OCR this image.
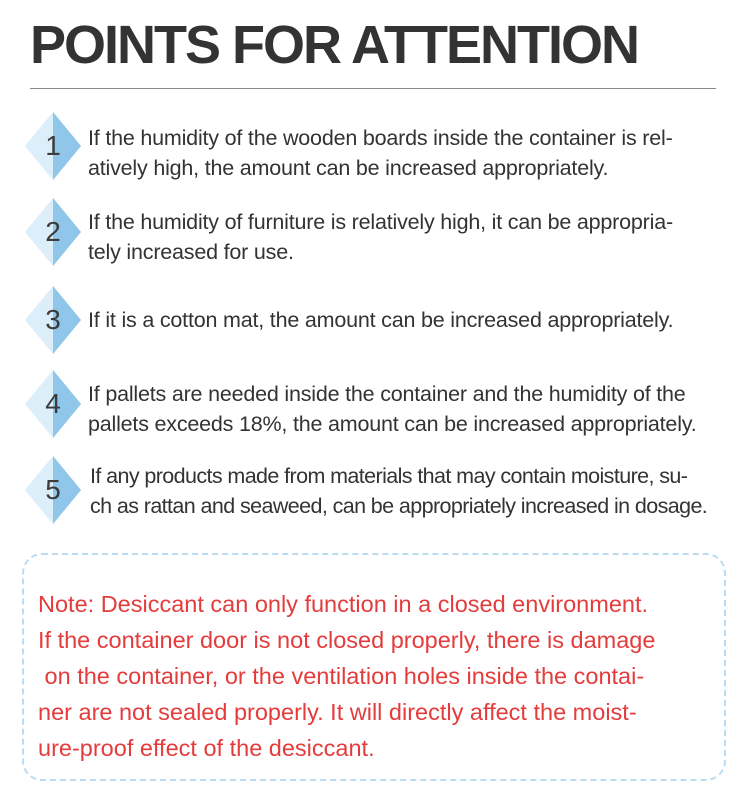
POINTS FOR ATTENTION
1	If the humidity of the wooden boards inside the container is rel-
atively high, the amount can be increased appropriately.
2	If the humidity of furniture is relatively high, it can be appropria-
tely increased for use.
3	If it is a cotton mat, the amount can be increased appropriately.
4	If pallets are needed inside the container and the humidity of the
pallets exceeds 18%, the amount can be increased appropriately.
5	If any products made from materials that may contain moisture, su-
ch as rattan and seaweed, can be appropriately increased in dosage.
Note: Desiccant can only function in a closed environment.
If the container door is not closed properly, there is damage
on the container, or the ventilation holes inside the contai-
ner are not sealed properly. It will directly affect the moist-
ure-proof effect of the desiccant.
